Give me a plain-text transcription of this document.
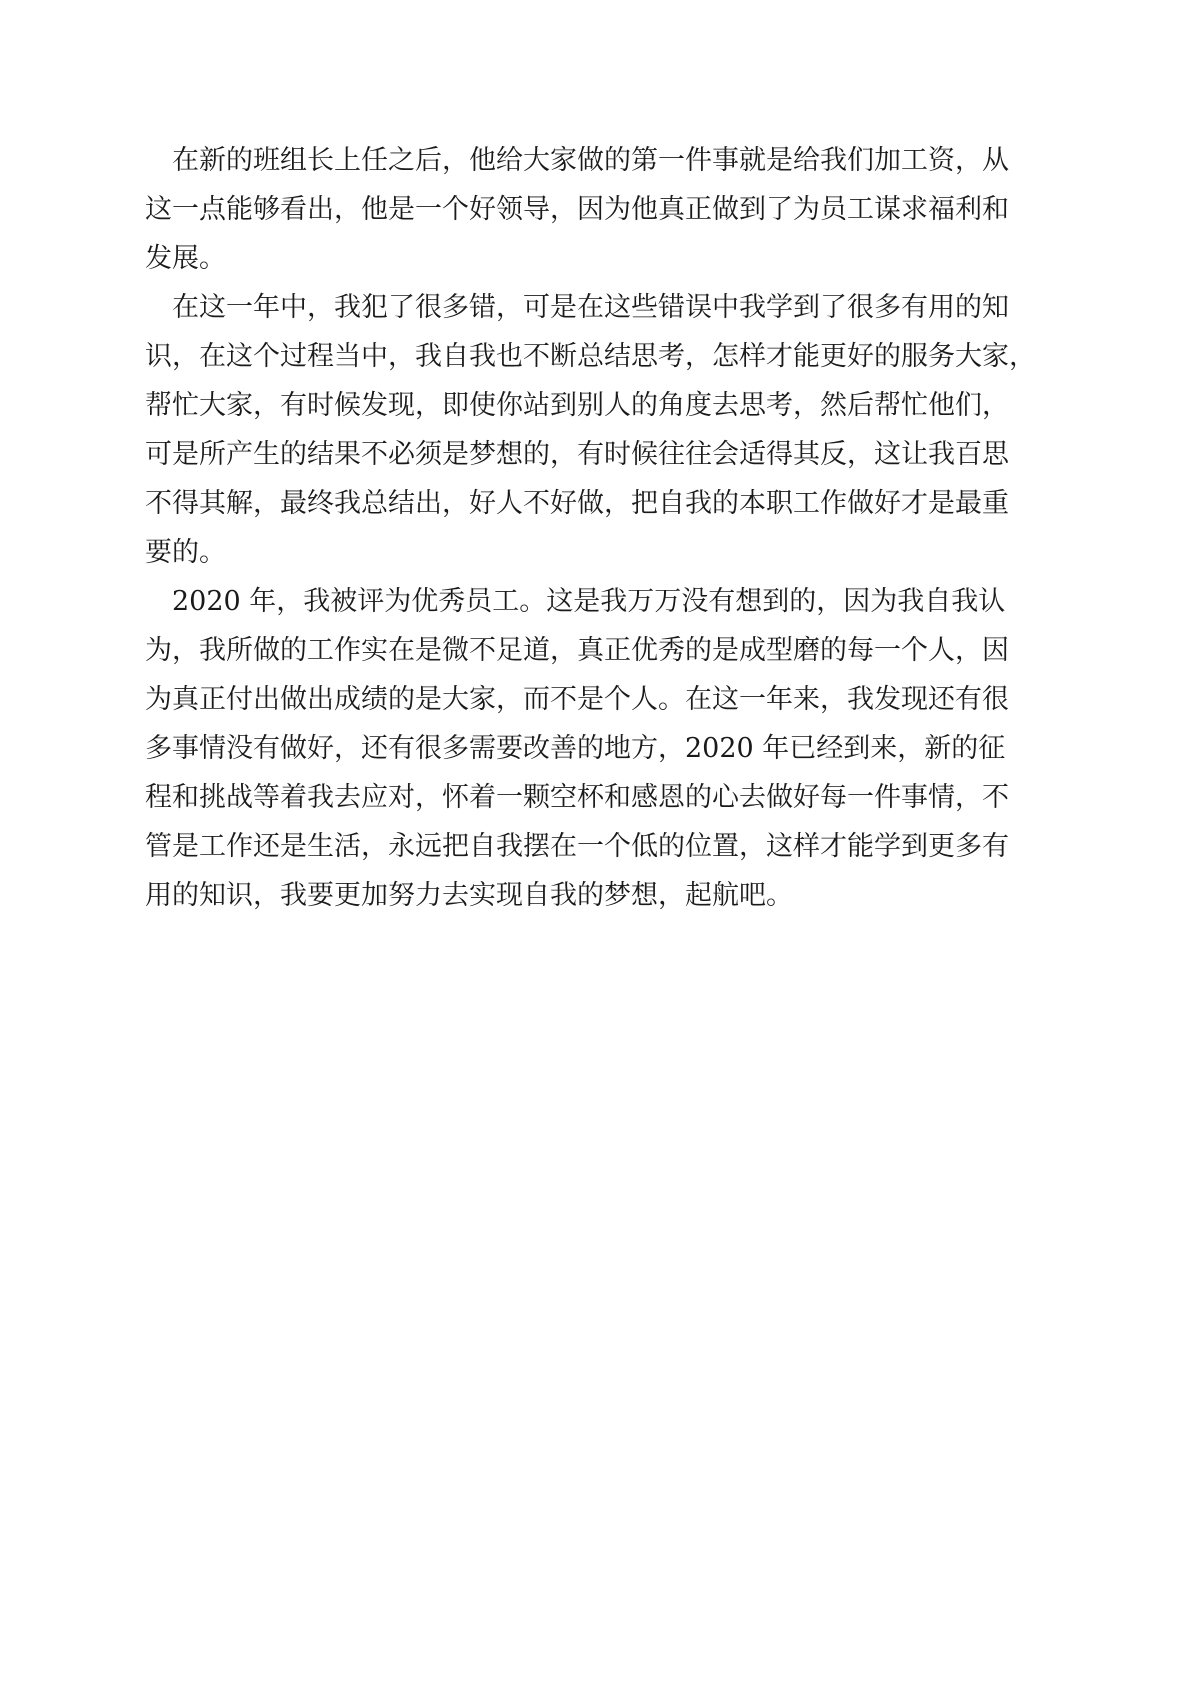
在新的班组长上任之后，他给大家做的第一件事就是给我们加工资，从
这一点能够看出，他是一个好领导，因为他真正做到了为员工谋求福利和
发展。
在这一年中，我犯了很多错，可是在这些错误中我学到了很多有用的知
识，在这个过程当中，我自我也不断总结思考，怎样才能更好的服务大家，
帮忙大家，有时候发现，即使你站到别人的角度去思考，然后帮忙他们，
可是所产生的结果不必须是梦想的，有时候往往会适得其反，这让我百思
不得其解，最终我总结出，好人不好做，把自我的本职工作做好才是最重
要的。
2020 年，我被评为优秀员工。这是我万万没有想到的，因为我自我认
为，我所做的工作实在是微不足道，真正优秀的是成型磨的每一个人，因
为真正付出做出成绩的是大家，而不是个人。在这一年来，我发现还有很
多事情没有做好，还有很多需要改善的地方，2020 年已经到来，新的征
程和挑战等着我去应对，怀着一颗空杯和感恩的心去做好每一件事情，不
管是工作还是生活，永远把自我摆在一个低的位置，这样才能学到更多有
用的知识，我要更加努力去实现自我的梦想，起航吧。
